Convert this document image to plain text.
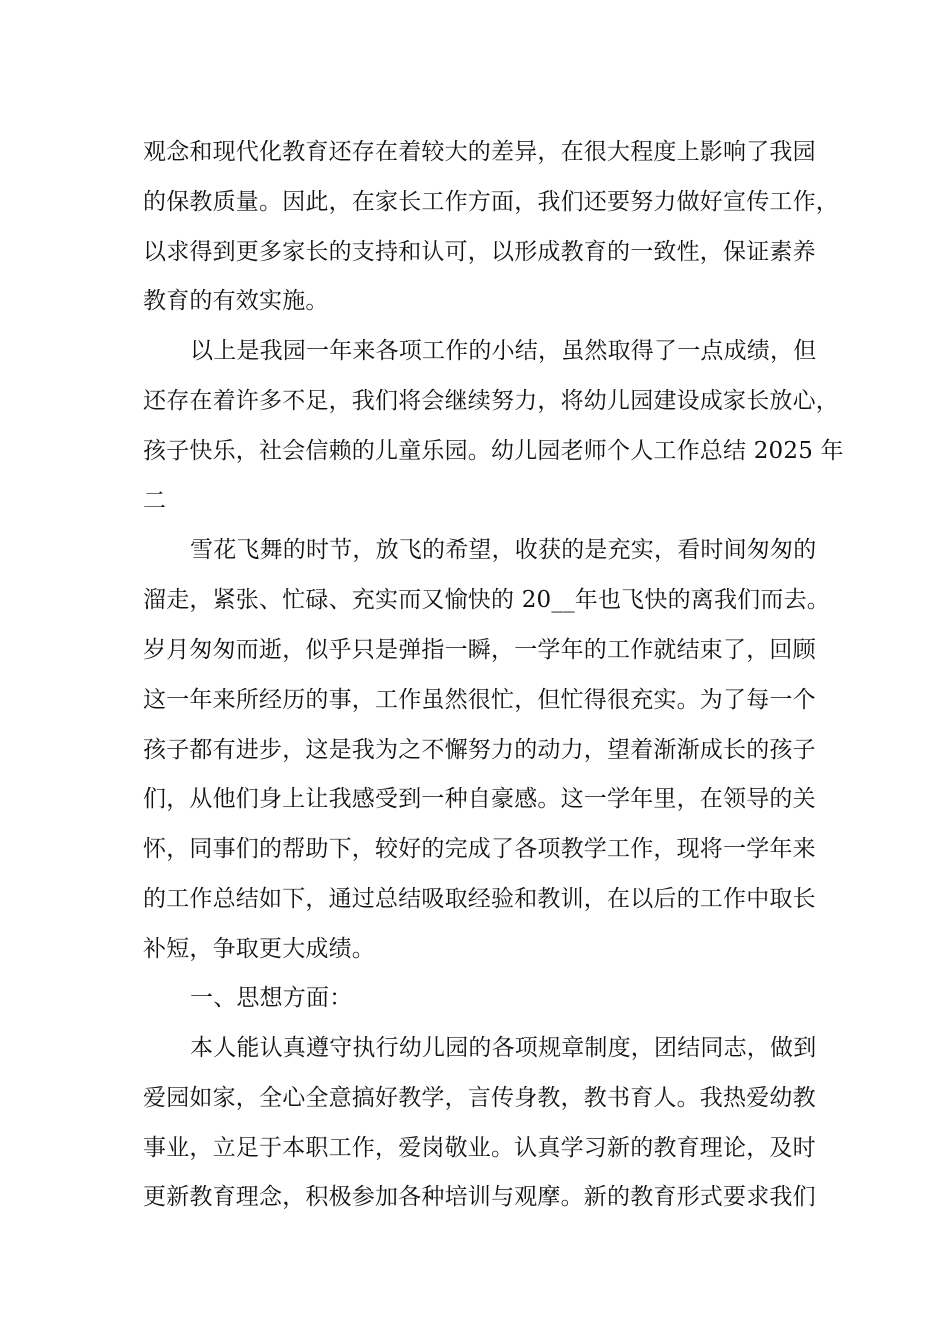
观念和现代化教育还存在着较大的差异，在很大程度上影响了我园
的保教质量。因此，在家长工作方面，我们还要努力做好宣传工作，
以求得到更多家长的支持和认可，以形成教育的一致性，保证素养
教育的有效实施。
以上是我园一年来各项工作的小结，虽然取得了一点成绩，但
还存在着许多不足，我们将会继续努力，将幼儿园建设成家长放心，
孩子快乐，社会信赖的儿童乐园。幼儿园老师个人工作总结 2025 年
二
雪花飞舞的时节，放飞的希望，收获的是充实，看时间匆匆的
溜走，紧张、忙碌、充实而又愉快的 20__年也飞快的离我们而去。
岁月匆匆而逝，似乎只是弹指一瞬，一学年的工作就结束了，回顾
这一年来所经历的事，工作虽然很忙，但忙得很充实。为了每一个
孩子都有进步，这是我为之不懈努力的动力，望着渐渐成长的孩子
们，从他们身上让我感受到一种自豪感。这一学年里，在领导的关
怀，同事们的帮助下，较好的完成了各项教学工作，现将一学年来
的工作总结如下，通过总结吸取经验和教训，在以后的工作中取长
补短，争取更大成绩。
一、思想方面：
本人能认真遵守执行幼儿园的各项规章制度，团结同志，做到
爱园如家，全心全意搞好教学，言传身教，教书育人。我热爱幼教
事业，立足于本职工作，爱岗敬业。认真学习新的教育理论，及时
更新教育理念，积极参加各种培训与观摩。新的教育形式要求我们
